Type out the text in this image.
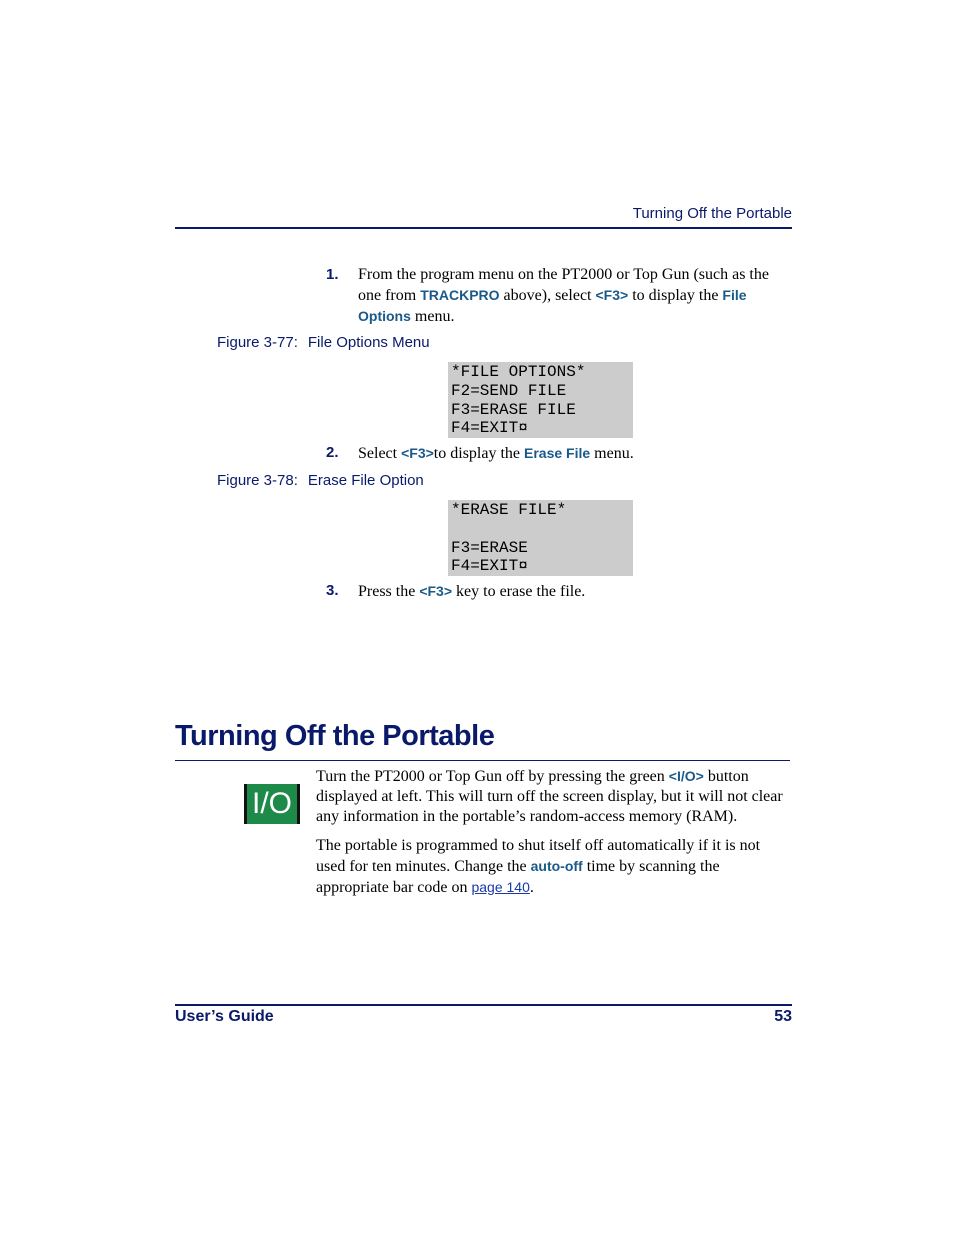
Turning Off the Portable
1. From the program menu on the PT2000 or Top Gun (such as the one from TRACKPRO above), select <F3> to display the File Options menu.
Figure 3-77: File Options Menu
*FILE OPTIONS*
F2=SEND FILE
F3=ERASE FILE
F4=EXIT¤
2. Select <F3>to display the Erase File menu.
Figure 3-78: Erase File Option
*ERASE FILE*
F3=ERASE
F4=EXIT¤
3. Press the <F3> key to erase the file.
Turning Off the Portable
I/O
Turn the PT2000 or Top Gun off by pressing the green <I/O> button displayed at left. This will turn off the screen display, but it will not clear any information in the portable’s random-access memory (RAM).
The portable is programmed to shut itself off automatically if it is not used for ten minutes. Change the auto-off time by scanning the appropriate bar code on page 140.
User’s Guide	53
